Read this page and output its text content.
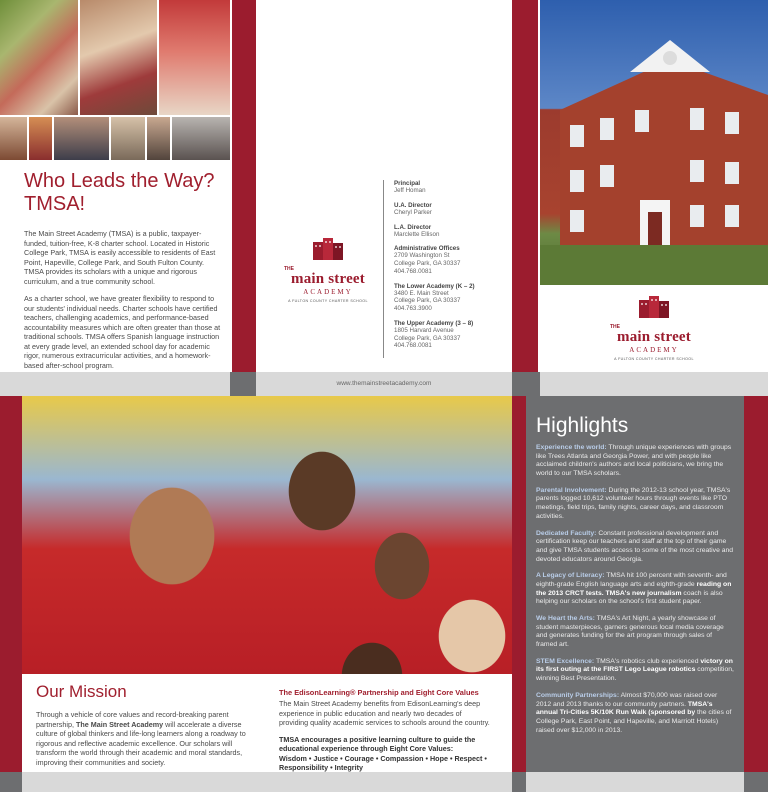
Who Leads the Way?
TMSA!

The Main Street Academy (TMSA) is a public, taxpayer-funded, tuition-free, K-8 charter school. Located in Historic College Park, TMSA is easily accessible to residents of East Point, Hapeville, College Park, and South Fulton County. TMSA provides its scholars with a unique and rigorous curriculum, and a true community school.

As a charter school, we have greater flexibility to respond to our students' individual needs. Charter schools have certified teachers, challenging academics, and performance-based accountability measures which are often greater than those at traditional schools. TMSA offers Spanish language instruction at every grade level, an extended school day for academic rigor, numerous extracurricular activities, and a homework-based after-school program.

THE
main street
ACADEMY
A FULTON COUNTY CHARTER SCHOOL
Principal
Jeff Homan
U.A. Director
Cheryl Parker
L.A. Director
Marclette Ellison
Administrative Offices
2709 Washington St
College Park, GA 30337
404.768.0081
The Lower Academy (K – 2)
3480 E. Main Street
College Park, GA 30337
404.763.3900
The Upper Academy (3 – 8)
1805 Harvard Avenue
College Park, GA 30337
404.768.0081
THE
main street
ACADEMY
A FULTON COUNTY CHARTER SCHOOL
www.themainstreetacademy.com
Our Mission

Through a vehicle of core values and record-breaking parent partnership, The Main Street Academy will accelerate a diverse culture of global thinkers and life-long learners along a roadway to rigorous and reflective academic excellence. Our scholars will transform the world through their academic and moral standards, improving their communities and society.

The EdisonLearning® Partnership and Eight Core Values

The Main Street Academy benefits from EdisonLearning's deep experience in public education and nearly two decades of providing quality academic services to schools around the country.

TMSA encourages a positive learning culture to guide the educational experience through Eight Core Values:

Wisdom • Justice • Courage • Compassion • Hope • Respect • Responsibility • Integrity

Highlights
Experience the world: Through unique experiences with groups like Trees Atlanta and Georgia Power, and with people like acclaimed children's authors and local politicians, we bring the world to our TMSA scholars.
Parental Involvement: During the 2012-13 school year, TMSA's parents logged 10,612 volunteer hours through events like PTO meetings, field trips, family nights, career days, and classroom activities.
Dedicated Faculty: Constant professional development and certification keep our teachers and staff at the top of their game and give TMSA students access to some of the most creative and devoted educators around Georgia.
A Legacy of Literacy: TMSA hit 100 percent with seventh- and eighth-grade English language arts and eighth-grade reading on the 2013 CRCT tests. TMSA's new journalism coach is also helping our scholars on the school's first student paper.
We Heart the Arts: TMSA's Art Night, a yearly showcase of student masterpieces, garners generous local media coverage and generates funding for the art program through sales of framed art.
STEM Excellence: TMSA's robotics club experienced victory on its first outing at the FIRST Lego League robotics competition, winning Best Presentation.
Community Partnerships: Almost $70,000 was raised over 2012 and 2013 thanks to our community partners. TMSA's annual Tri-Cities 5K/10K Run Walk (sponsored by the cities of College Park, East Point, and Hapeville, and Marriott Hotels) raised over $12,000 in 2013.
